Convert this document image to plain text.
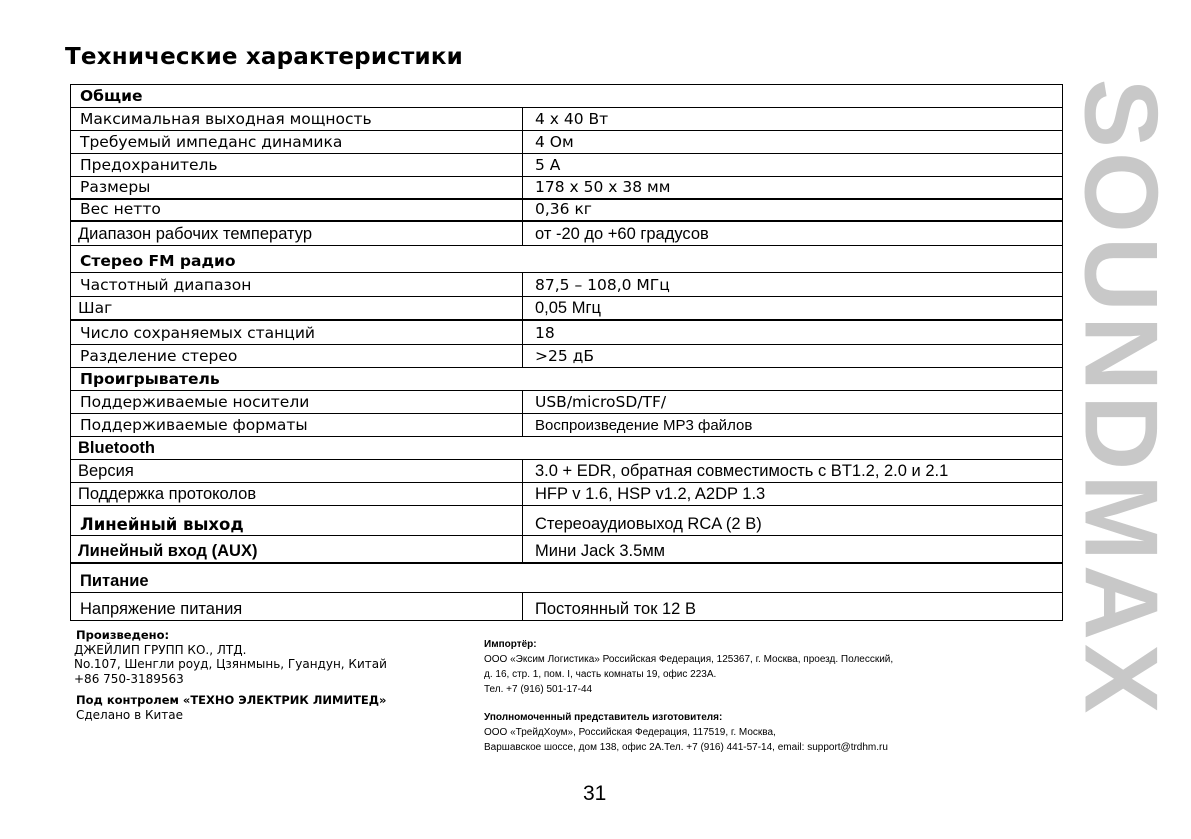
Технические характеристики
Общие
Максимальная выходная мощность	4 x 40 Вт
Требуемый импеданс динамика	4 Ом
Предохранитель	5 А
Размеры	178 x 50 x 38 мм
Вес нетто	0,36 кг
Диапазон рабочих температур	от -20 до +60 градусов
Стерео FM радио
Частотный диапазон	87,5 – 108,0 МГц
Шаг	0,05 Мгц
Число сохраняемых станций	18
Разделение стерео	>25 дБ
Проигрыватель
Поддерживаемые носители	USB/microSD/TF/
Поддерживаемые форматы	Воспроизведение MP3 файлов
Bluetooth
Версия	3.0 + EDR, обратная совместимость с BT1.2, 2.0 и 2.1
Поддержка протоколов	HFP v 1.6, HSP v1.2, A2DP 1.3
Линейный выход	Стереоаудиовыход RCA (2 В)
Линейный вход (AUX)	Мини Jack 3.5мм
Питание
Напряжение питания	Постоянный ток 12 В
Произведено:
ДЖЕЙЛИП ГРУПП КО., ЛТД.
No.107, Шенгли роуд, Цзянмынь, Гуандун, Китай
+86 750-3189563
Под контролем «ТЕХНО ЭЛЕКТРИК ЛИМИТЕД»
Сделано в Китае
Импортёр:
ООО «Эксим Логистика» Российская Федерация, 125367, г. Москва, проезд. Полесский,
д. 16, стр. 1, пом. I, часть комнаты 19, офис 223А.
Тел. +7 (916) 501-17-44
Уполномоченный представитель изготовителя:
ООО «ТрейдХоум», Российская Федерация, 117519, г. Москва,
Варшавское шоссе, дом 138, офис 2А.Тел. +7 (916) 441-57-14, email: support@trdhm.ru
31
SOUNDMAX
